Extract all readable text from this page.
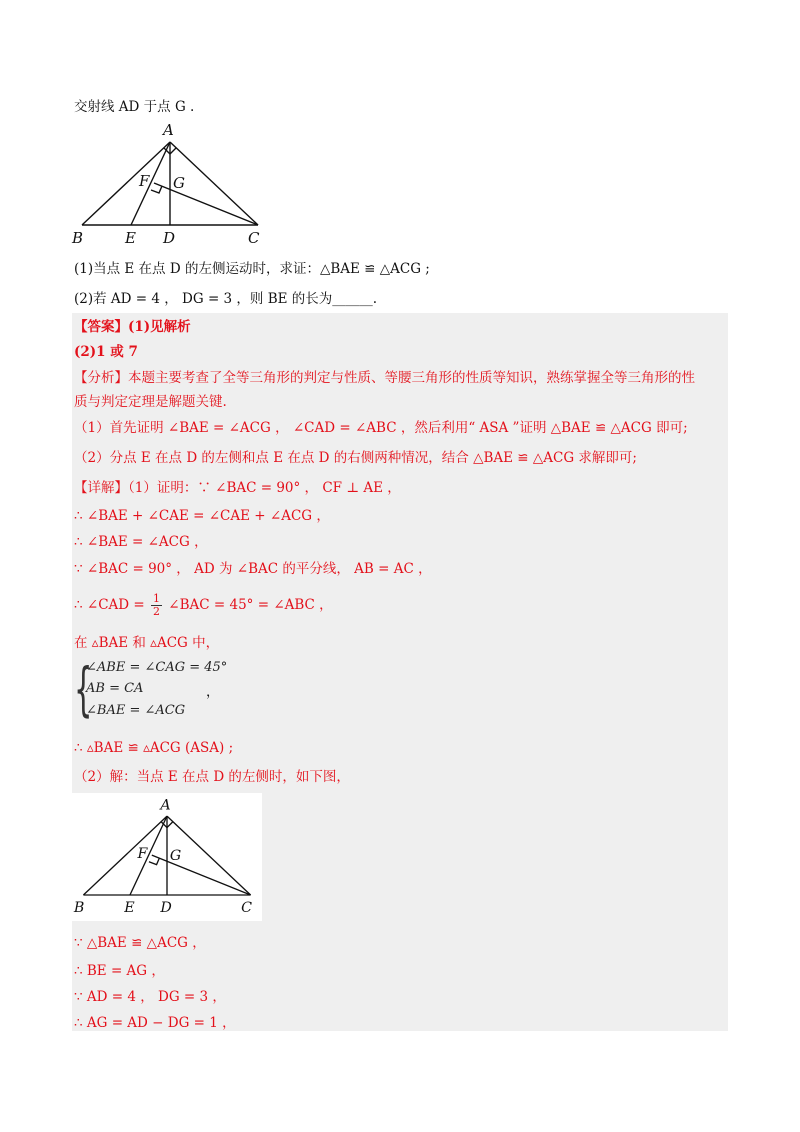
交射线 AD 于点 G .
A
B	E D	C
F G
(1)当点 E 在点 D 的左侧运动时，求证：△BAE ≌ △ACG ;
(2)若 AD = 4 ， DG = 3 ，则 BE 的长为______.
【答案】(1)见解析
(2)1 或 7
【分析】本题主要考查了全等三角形的判定与性质、等腰三角形的性质等知识，熟练掌握全等三角形的性
质与判定定理是解题关键.
（1）首先证明 ∠BAE = ∠ACG ， ∠CAD = ∠ABC ，然后利用“ ASA ”证明 △BAE ≌ △ACG 即可;
（2）分点 E 在点 D 的左侧和点 E 在点 D 的右侧两种情况，结合 △BAE ≌ △ACG 求解即可;
【详解】（1）证明：∵ ∠BAC = 90° ， CF ⊥ AE ，
∴ ∠BAE + ∠CAE = ∠CAE + ∠ACG ，
∴ ∠BAE = ∠ACG ，
∵ ∠BAC = 90° ， AD 为 ∠BAC 的平分线， AB = AC ，
∴ ∠CAD = $\frac{1}{2}$ ∠BAC = 45° = ∠ABC ，
在 ▵BAE 和 ▵ACG 中，
{
∠ABE = ∠CAG = 45°
AB = CA
∠BAE = ∠ACG
，
∴ ▵BAE ≌ ▵ACG (ASA) ;
（2）解：当点 E 在点 D 的左侧时，如下图，
A
B	E D	C
F G
∵ △BAE ≌ △ACG ，
∴ BE = AG ，
∵ AD = 4 ， DG = 3 ，
∴ AG = AD − DG = 1 ，
